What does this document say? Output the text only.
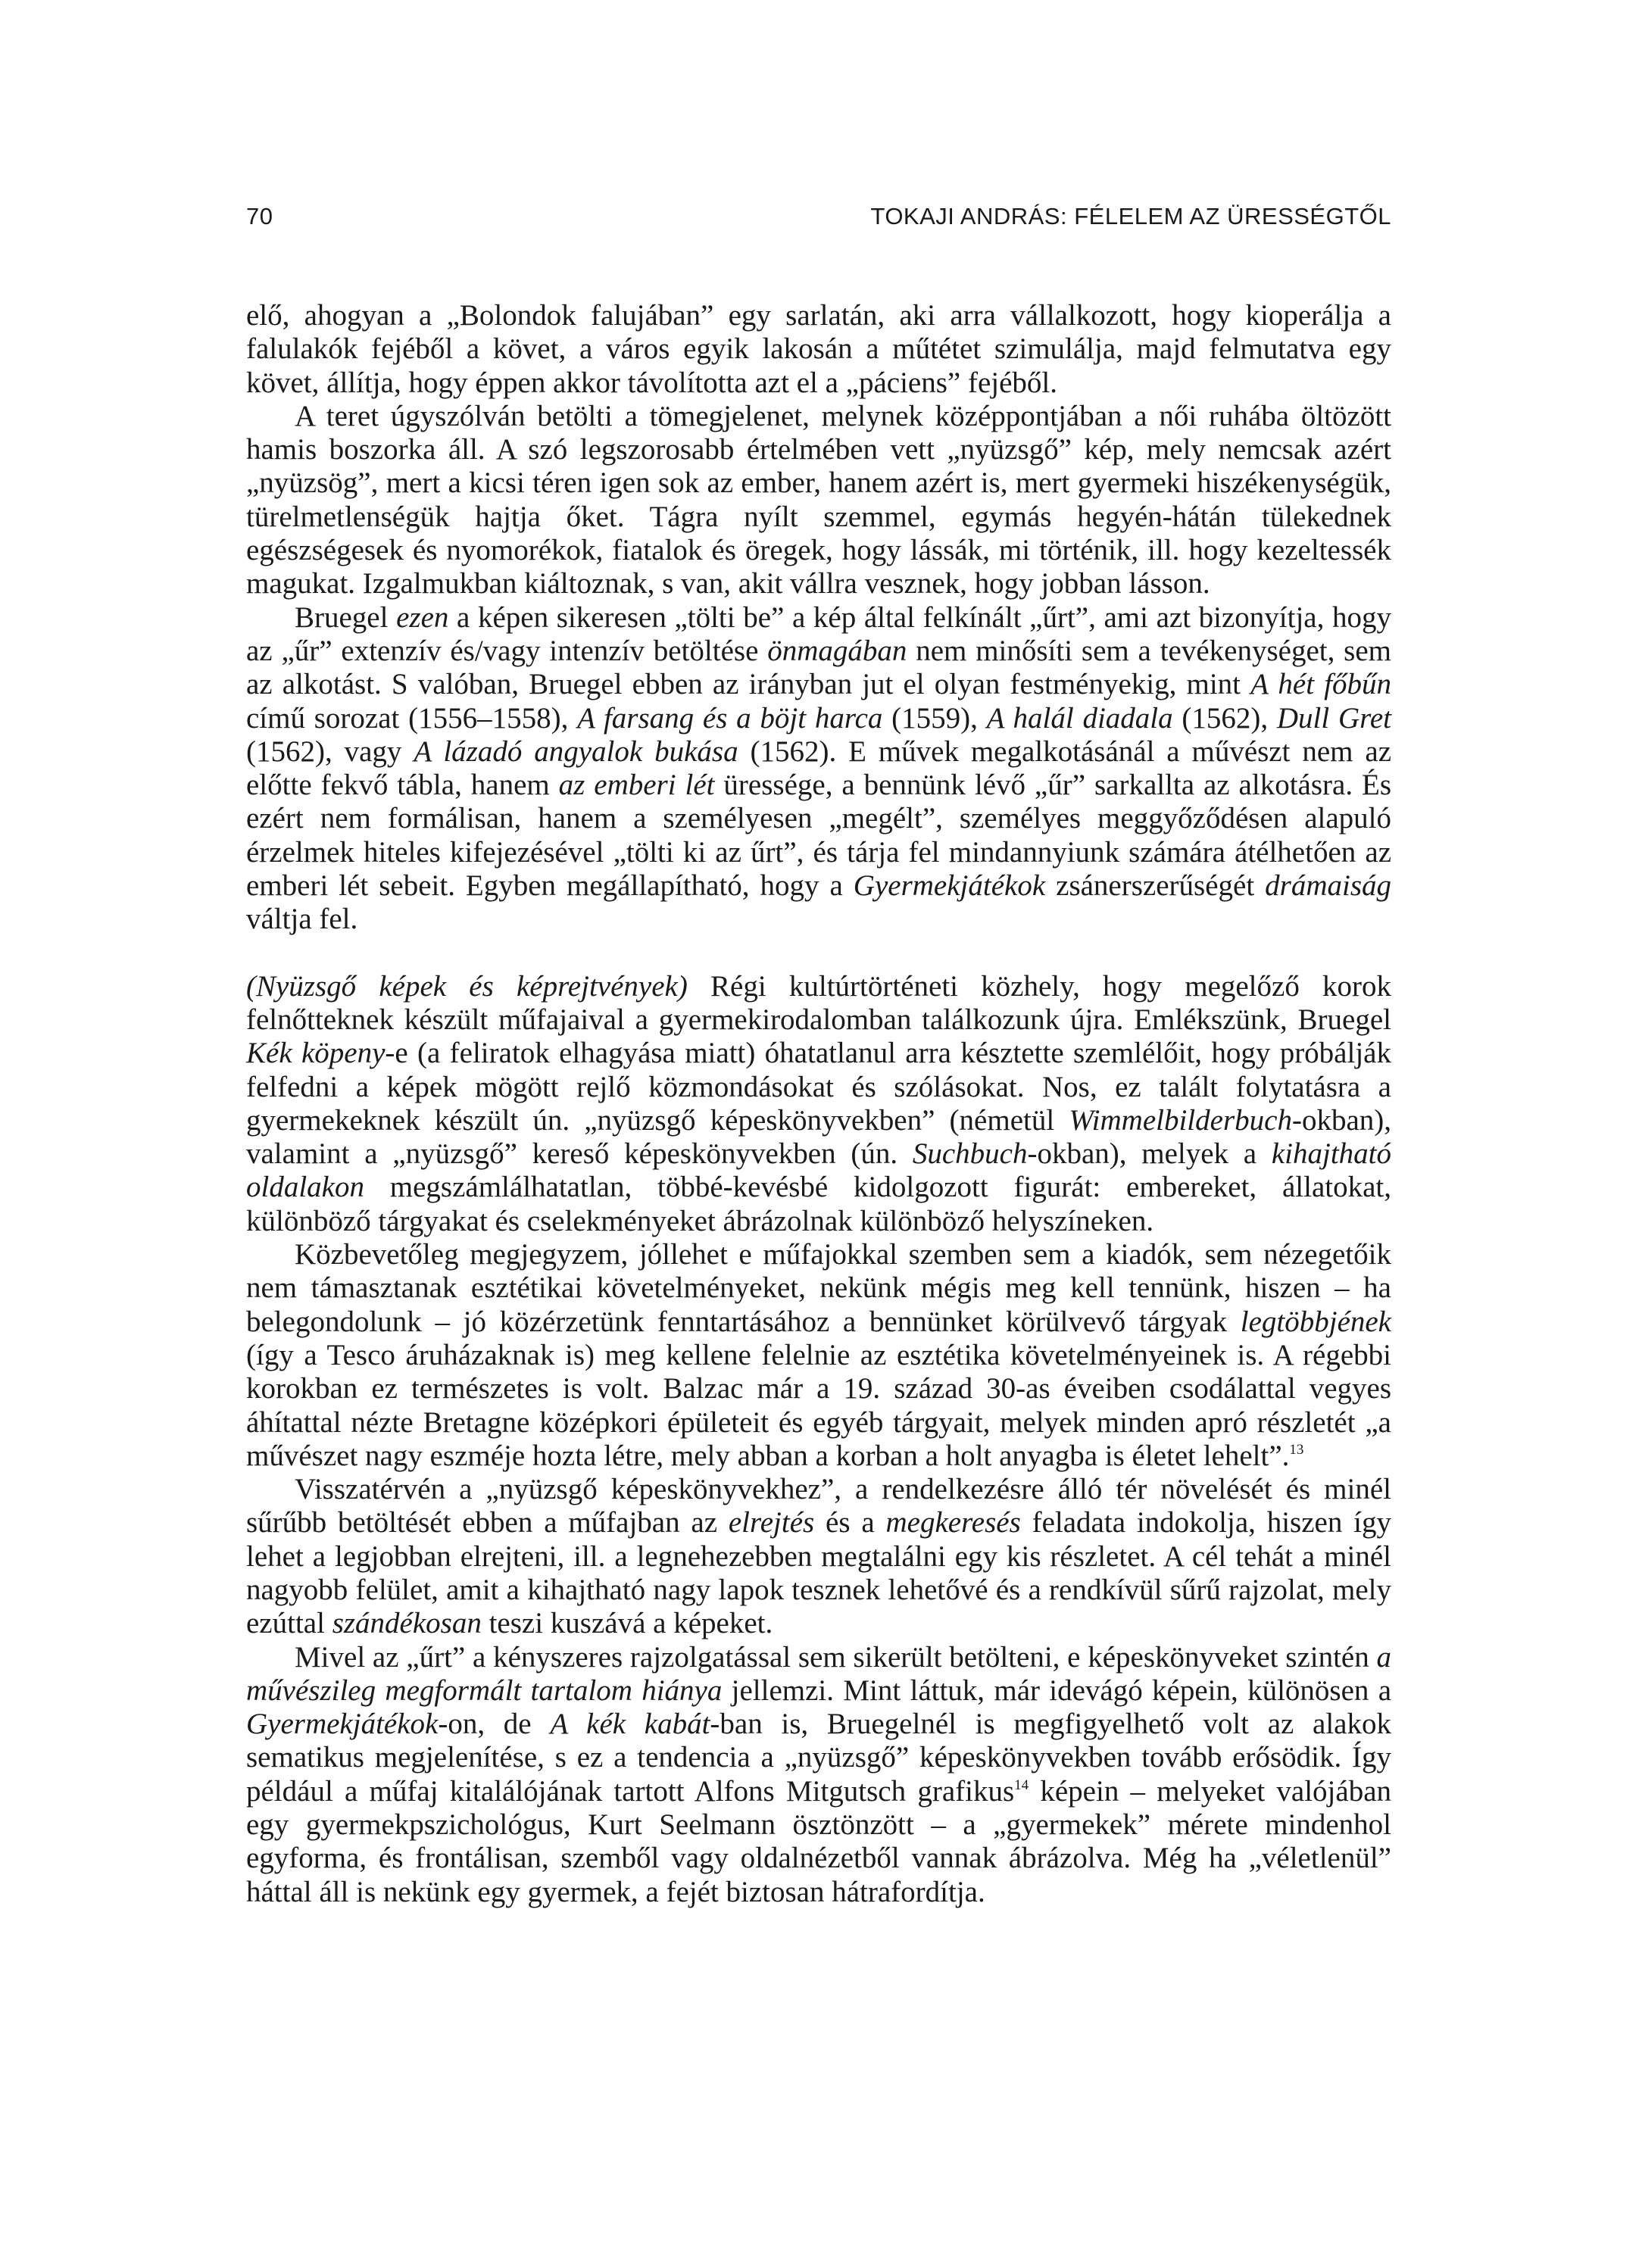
70	TOKAJI ANDRÁS: FÉLELEM AZ ÜRESSÉGTŐL

elő, ahogyan a „Bolondok falujában” egy sarlatán, aki arra vállalkozott, hogy kioperálja a falulakók fejéből a követ, a város egyik lakosán a műtétet szimulálja, majd felmutatva egy követ, állítja, hogy éppen akkor távolította azt el a „páciens” fejéből.

A teret úgyszólván betölti a tömegjelenet, melynek középpontjában a női ruhába öltözött hamis boszorka áll. A szó legszorosabb értelmében vett „nyüzsgő” kép, mely nemcsak azért „nyüzsög”, mert a kicsi téren igen sok az ember, hanem azért is, mert gyermeki hiszékenységük, türelmetlenségük hajtja őket. Tágra nyílt szemmel, egymás hegyén-hátán tülekednek egészségesek és nyomorékok, fiatalok és öregek, hogy lássák, mi történik, ill. hogy kezeltessék magukat. Izgalmukban kiáltoznak, s van, akit vállra vesznek, hogy jobban lásson.

Bruegel ezen a képen sikeresen „tölti be” a kép által felkínált „űrt”, ami azt bizonyítja, hogy az „űr” extenzív és/vagy intenzív betöltése önmagában nem minősíti sem a tevékenységet, sem az alkotást. S valóban, Bruegel ebben az irányban jut el olyan festményekig, mint A hét főbűn című sorozat (1556–1558), A farsang és a böjt harca (1559), A halál diadala (1562), Dull Gret (1562), vagy A lázadó angyalok bukása (1562). E művek megalkotásánál a művészt nem az előtte fekvő tábla, hanem az emberi lét üressége, a bennünk lévő „űr” sarkallta az alkotásra. És ezért nem formálisan, hanem a személyesen „megélt”, személyes meggyőződésen alapuló érzelmek hiteles kifejezésével „tölti ki az űrt”, és tárja fel mindannyiunk számára átélhetően az emberi lét sebeit. Egyben megállapítható, hogy a Gyermekjátékok zsánerszerűségét drámaiság váltja fel.

(Nyüzsgő képek és képrejtvények) Régi kultúrtörténeti közhely, hogy megelőző korok felnőtteknek készült műfajaival a gyermekirodalomban találkozunk újra. Emlékszünk, Bruegel Kék köpeny-e (a feliratok elhagyása miatt) óhatatlanul arra késztette szemlélőit, hogy próbálják felfedni a képek mögött rejlő közmondásokat és szólásokat. Nos, ez talált folytatásra a gyermekeknek készült ún. „nyüzsgő képeskönyvekben” (németül Wimmelbilderbuch-okban), valamint a „nyüzsgő” kereső képeskönyvekben (ún. Suchbuch-okban), melyek a kihajtható oldalakon megszámlálhatatlan, többé-kevésbé kidolgozott figurát: embereket, állatokat, különböző tárgyakat és cselekményeket ábrázolnak különböző helyszíneken.

Közbevetőleg megjegyzem, jóllehet e műfajokkal szemben sem a kiadók, sem nézegetőik nem támasztanak esztétikai követelményeket, nekünk mégis meg kell tennünk, hiszen – ha belegondolunk – jó közérzetünk fenntartásához a bennünket körülvevő tárgyak legtöbbjének (így a Tesco áruházaknak is) meg kellene felelnie az esztétika követelményeinek is. A régebbi korokban ez természetes is volt. Balzac már a 19. század 30-as éveiben csodálattal vegyes áhítattal nézte Bretagne középkori épületeit és egyéb tárgyait, melyek minden apró részletét „a művészet nagy eszméje hozta létre, mely abban a korban a holt anyagba is életet lehelt”.$^{13}$

Visszatérvén a „nyüzsgő képeskönyvekhez”, a rendelkezésre álló tér növelését és minél sűrűbb betöltését ebben a műfajban az elrejtés és a megkeresés feladata indokolja, hiszen így lehet a legjobban elrejteni, ill. a legnehezebben megtalálni egy kis részletet. A cél tehát a minél nagyobb felület, amit a kihajtható nagy lapok tesznek lehetővé és a rendkívül sűrű rajzolat, mely ezúttal szándékosan teszi kuszává a képeket.

Mivel az „űrt” a kényszeres rajzolgatással sem sikerült betölteni, e képeskönyveket szintén a művészileg megformált tartalom hiánya jellemzi. Mint láttuk, már idevágó képein, különösen a Gyermekjátékok-on, de A kék kabát-ban is, Bruegelnél is megfigyelhető volt az alakok sematikus megjelenítése, s ez a tendencia a „nyüzsgő” képeskönyvekben tovább erősödik. Így például a műfaj kitalálójának tartott Alfons Mitgutsch grafikus$^{14}$ képein – melyeket valójában egy gyermekpszichológus, Kurt Seelmann ösztönzött – a „gyermekek” mérete mindenhol egyforma, és frontálisan, szemből vagy oldalnézetből vannak ábrázolva. Még ha „véletlenül” háttal áll is nekünk egy gyermek, a fejét biztosan hátrafordítja.
